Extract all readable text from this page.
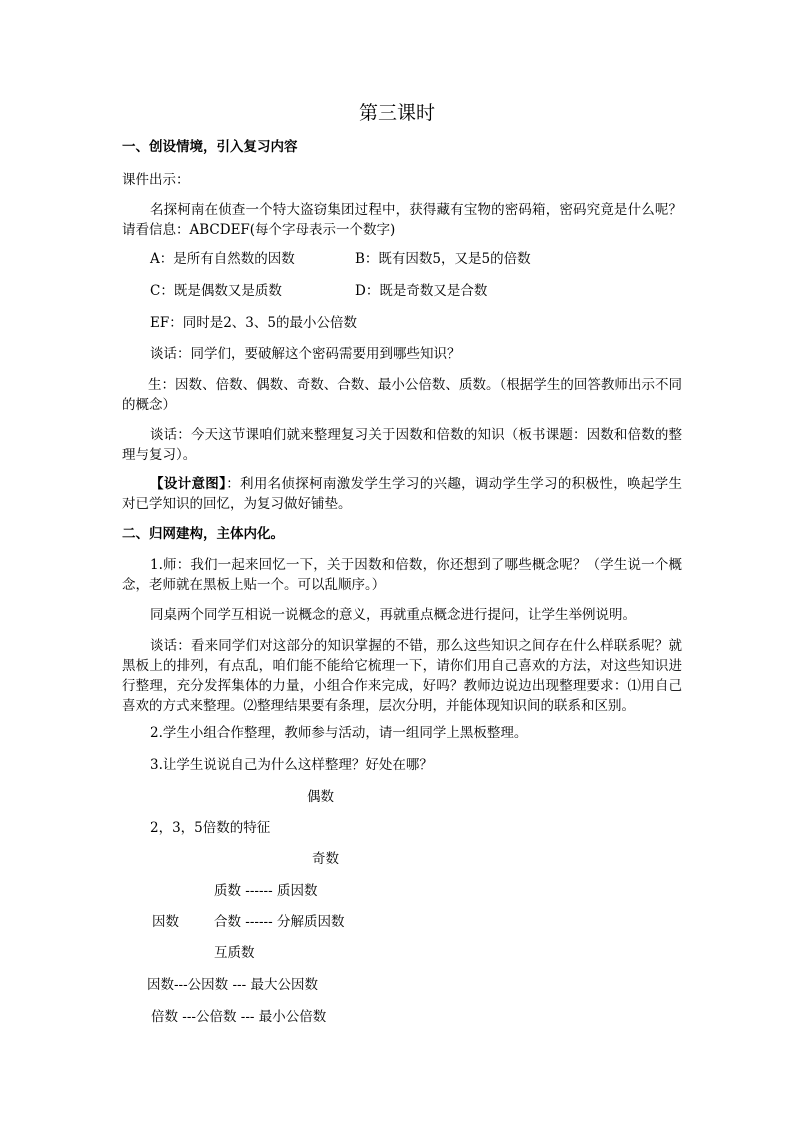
第三课时
一、创设情境，引入复习内容
课件出示：
名探柯南在侦查一个特大盗窃集团过程中，获得藏有宝物的密码箱，密码究竟是什么呢？请看信息：ABCDEF(每个字母表示一个数字)
A：是所有自然数的因数	B：既有因数5，又是5的倍数
C：既是偶数又是质数	D：既是奇数又是合数
EF：同时是2、3、5的最小公倍数
谈话：同学们，要破解这个密码需要用到哪些知识？
生：因数、倍数、偶数、奇数、合数、最小公倍数、质数。（根据学生的回答教师出示不同的概念）
谈话：今天这节课咱们就来整理复习关于因数和倍数的知识（板书课题：因数和倍数的整理与复习）。
【设计意图】：利用名侦探柯南激发学生学习的兴趣，调动学生学习的积极性，唤起学生对已学知识的回忆，为复习做好铺垫。
二、归网建构，主体内化。
1.师：我们一起来回忆一下，关于因数和倍数，你还想到了哪些概念呢？（学生说一个概念，老师就在黑板上贴一个。可以乱顺序。）
同桌两个同学互相说一说概念的意义，再就重点概念进行提问，让学生举例说明。
谈话：看来同学们对这部分的知识掌握的不错，那么这些知识之间存在什么样联系呢？就黑板上的排列，有点乱，咱们能不能给它梳理一下，请你们用自己喜欢的方法，对这些知识进行整理，充分发挥集体的力量，小组合作来完成，好吗？教师边说边出现整理要求：⑴用自己喜欢的方式来整理。⑵整理结果要有条理，层次分明，并能体现知识间的联系和区别。
2.学生小组合作整理，教师参与活动，请一组同学上黑板整理。
3.让学生说说自己为什么这样整理？好处在哪？
偶数
2，3，5倍数的特征
奇数
质数 ------ 质因数
因数	合数 ------ 分解质因数
互质数
因数---公因数 --- 最大公因数
倍数 ---公倍数 --- 最小公倍数
